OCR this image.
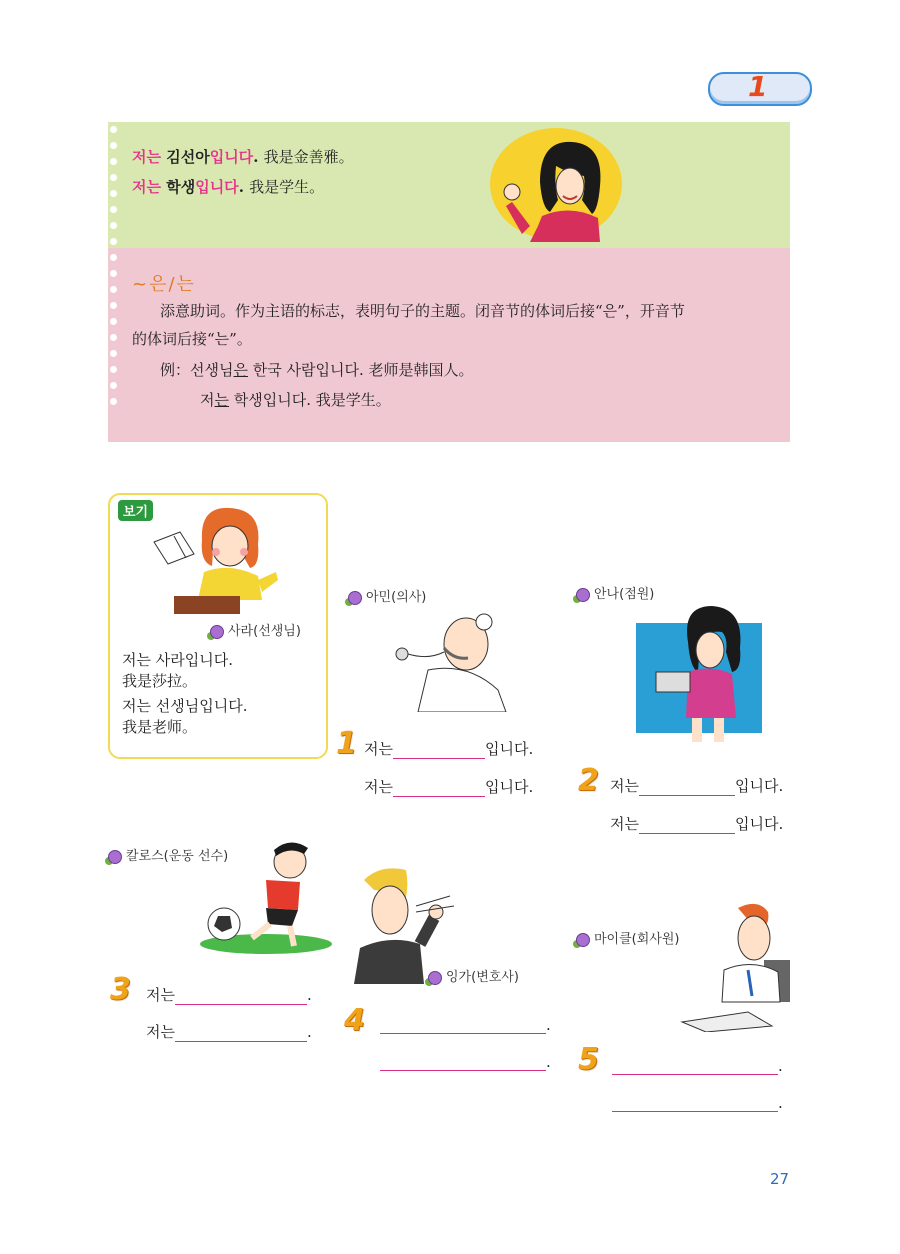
1
저는 김선아입니다. 我是金善雅。
저는 학생입니다. 我是学生。
~은/는
添意助词。作为主语的标志，表明句子的主题。闭音节的体词后接“은”，开音节
的体词后接“는”。
例：선생님은 한국 사람입니다. 老师是韩国人。
저는 학생입니다. 我是学生。
보기
사라(선생님)
저는 사라입니다.
我是莎拉。
저는 선생님입니다.
我是老师。
아민(의사)
1 저는	입니다.
저는	입니다.
안나(점원)
2 저는	입니다.
저는	입니다.
칼로스(운동 선수)
3 저는	.
저는	.
잉가(변호사)
4	.
.
마이클(회사원)
5	.
.
27
